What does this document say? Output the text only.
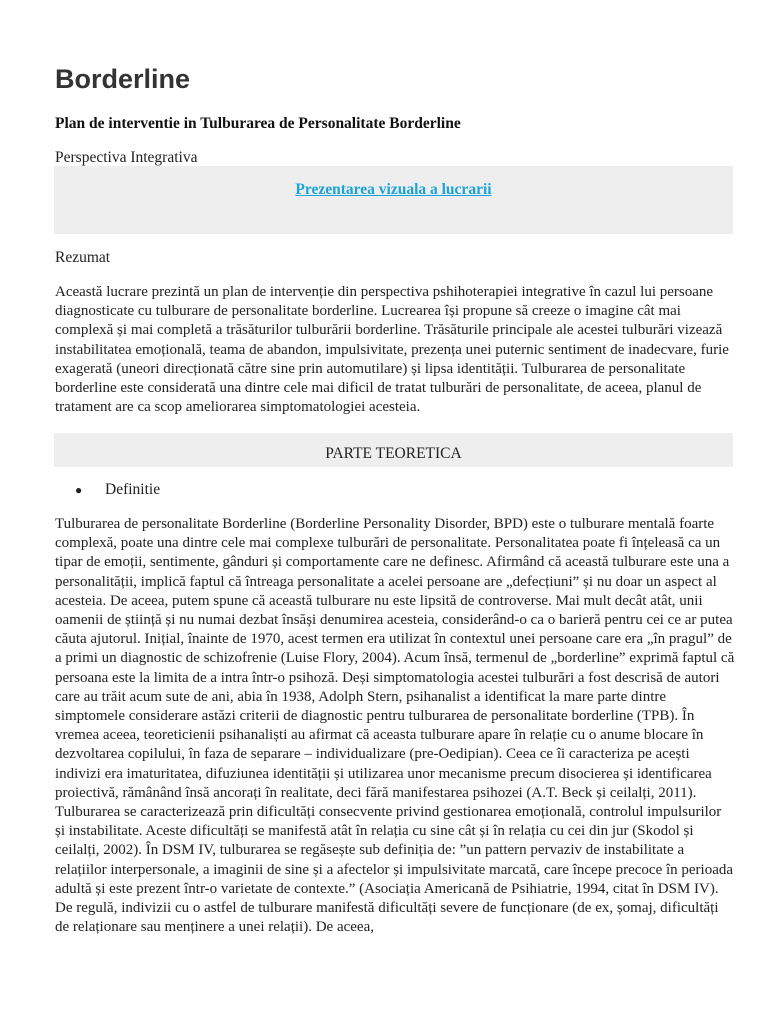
Borderline

Plan de interventie in Tulburarea de Personalitate Borderline

Perspectiva Integrativa

Prezentarea vizuala a lucrarii

Rezumat

Această lucrare prezintă un plan de intervenție din perspectiva pshihoterapiei integrative în cazul lui persoane diagnosticate cu tulburare de personalitate borderline. Lucrearea își propune să creeze o imagine cât mai complexă și mai completă a trăsăturilor tulburării borderline. Trăsăturile principale ale acestei tulburări vizează instabilitatea emoțională, teama de abandon, impulsivitate, prezența unei puternic sentiment de inadecvare, furie exagerată (uneori direcționată către sine prin automutilare) și lipsa identității. Tulburarea de personalitate borderline este considerată una dintre cele mai dificil de tratat tulburări de personalitate, de aceea, planul de tratament are ca scop ameliorarea simptomatologiei acesteia.

PARTE TEORETICA
● Definitie

Tulburarea de personalitate Borderline (Borderline Personality Disorder, BPD) este o tulburare mentală foarte complexă, poate una dintre cele mai complexe tulburări de personalitate. Personalitatea poate fi înțeleasă ca un tipar de emoții, sentimente, gânduri și comportamente care ne definesc. Afirmând că această tulburare este una a personalității, implică faptul că întreaga personalitate a acelei persoane are „defecțiuni” și nu doar un aspect al acesteia. De aceea, putem spune că această tulburare nu este lipsită de controverse. Mai mult decât atât, unii oamenii de știință și nu numai dezbat însăși denumirea acesteia, considerând-o ca o barieră pentru cei ce ar putea căuta ajutorul. Inițial, înainte de 1970, acest termen era utilizat în contextul unei persoane care era „în pragul” de a primi un diagnostic de schizofrenie (Luise Flory, 2004). Acum însă, termenul de „borderline” exprimă faptul că persoana este la limita de a intra într-o psihoză. Deși simptomatologia acestei tulburări a fost descrisă de autori care au trăit acum sute de ani, abia în 1938, Adolph Stern, psihanalist a identificat la mare parte dintre simptomele considerare astăzi criterii de diagnostic pentru tulburarea de personalitate borderline (TPB). În vremea aceea, teoreticienii psihanaliști au afirmat că aceasta tulburare apare în relație cu o anume blocare în dezvoltarea copilului, în faza de separare – individualizare (pre-Oedipian). Ceea ce îi caracteriza pe acești indivizi era imaturitatea, difuziunea identității și utilizarea unor mecanisme precum disocierea și identificarea proiectivă, rămânând însă ancorați în realitate, deci fără manifestarea psihozei (A.T. Beck și ceilalți, 2011). Tulburarea se caracterizează prin dificultăți consecvente privind gestionarea emoțională, controlul impulsurilor și instabilitate. Aceste dificultăți se manifestă atât în relația cu sine cât și în relația cu cei din jur (Skodol și ceilalți, 2002). În DSM IV, tulburarea se regăsește sub definiția de: ”un pattern pervaziv de instabilitate a relațiilor interpersonale, a imaginii de sine și a afectelor și impulsivitate marcată, care începe precoce în perioada adultă și este prezent într-o varietate de contexte.” (Asociația Americană de Psihiatrie, 1994, citat în DSM IV). De regulă, indivizii cu o astfel de tulburare manifestă dificultăți severe de funcționare (de ex, șomaj, dificultăți de relaționare sau menținere a unei relații). De aceea,
